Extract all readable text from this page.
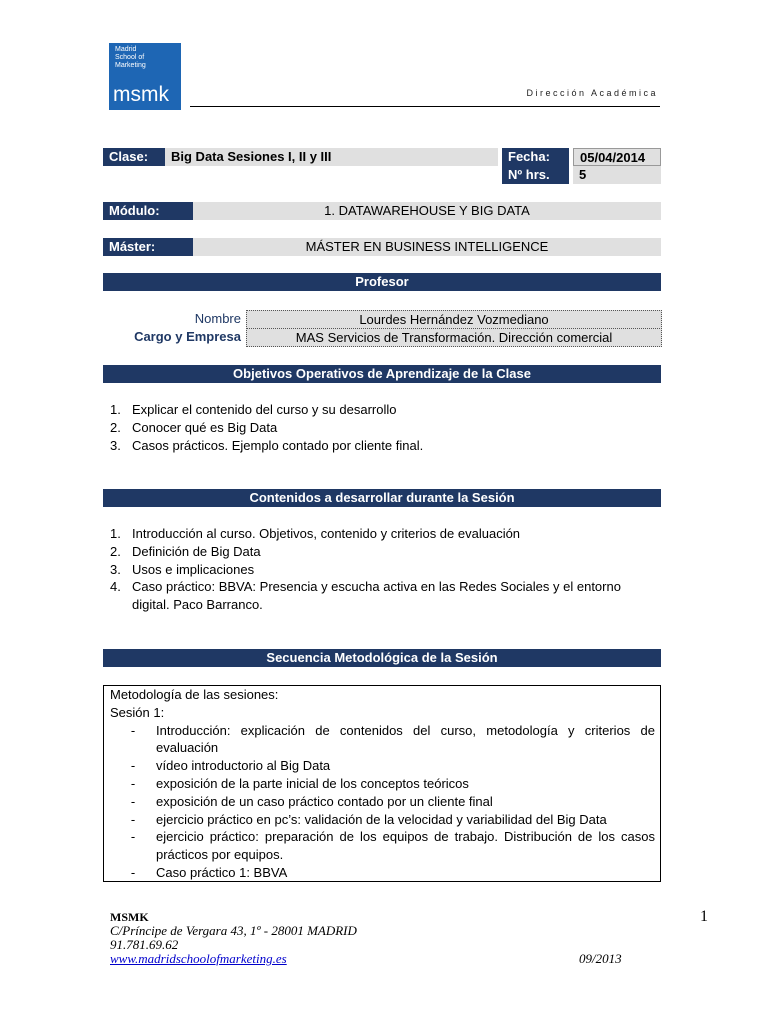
Madrid
School of
Marketing
msmk	Dirección Académica
Clase:	Big Data Sesiones I, II y III	Fecha:	05/04/2014
Nº hrs.	5
Módulo:	1. DATAWAREHOUSE Y BIG DATA
Máster:	MÁSTER EN BUSINESS INTELLIGENCE
Profesor
Nombre	Lourdes Hernández Vozmediano
Cargo y Empresa	MAS Servicios de Transformación. Dirección comercial
Objetivos Operativos de Aprendizaje de la Clase
1. Explicar el contenido del curso y su desarrollo
2. Conocer qué es Big Data
3. Casos prácticos. Ejemplo contado por cliente final.
Contenidos a desarrollar durante la Sesión
1. Introducción al curso. Objetivos, contenido y criterios de evaluación
2. Definición de Big Data
3. Usos e implicaciones
4. Caso práctico: BBVA: Presencia y escucha activa en las Redes Sociales y el entorno digital. Paco Barranco.
Secuencia Metodológica de la Sesión
Metodología de las sesiones:
Sesión 1:
-	Introducción: explicación de contenidos del curso, metodología y criterios de evaluación
-	vídeo introductorio al Big Data
-	exposición de la parte inicial de los conceptos teóricos
-	exposición de un caso práctico contado por un cliente final
-	ejercicio práctico en pc’s: validación de la velocidad y variabilidad del Big Data
-	ejercicio práctico: preparación de los equipos de trabajo. Distribución de los casos prácticos por equipos.
-	Caso práctico 1: BBVA
MSMK
C/Príncipe de Vergara 43, 1º - 28001 MADRID
91.781.69.62
www.madridschoolofmarketing.es	09/2013
1
